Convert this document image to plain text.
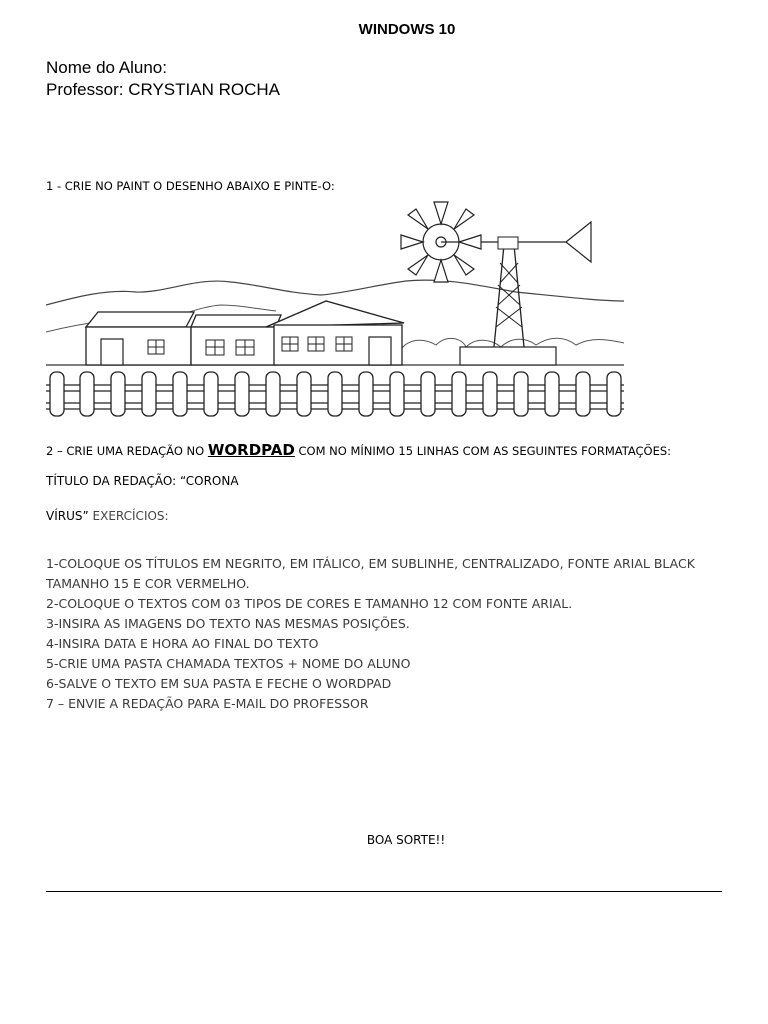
WINDOWS 10
Nome do Aluno:
Professor: CRYSTIAN ROCHA
1 - CRIE NO PAINT O DESENHO ABAIXO E PINTE-O:
2 – CRIE UMA REDAÇÃO NO WORDPAD COM NO MÍNIMO 15 LINHAS COM AS SEGUINTES FORMATAÇÕES:
TÍTULO DA REDAÇÃO: “CORONA
VÍRUS” EXERCÍCIOS:
1-COLOQUE OS TÍTULOS EM NEGRITO, EM ITÁLICO, EM SUBLINHE, CENTRALIZADO, FONTE ARIAL BLACK TAMANHO 15 E COR VERMELHO.
2-COLOQUE O TEXTOS COM 03 TIPOS DE CORES E TAMANHO 12 COM FONTE ARIAL.
3-INSIRA AS IMAGENS DO TEXTO NAS MESMAS POSIÇÕES.
4-INSIRA DATA E HORA AO FINAL DO TEXTO
5-CRIE UMA PASTA CHAMADA TEXTOS + NOME DO ALUNO
6-SALVE O TEXTO EM SUA PASTA E FECHE O WORDPAD
7 – ENVIE A REDAÇÃO PARA E-MAIL DO PROFESSOR
BOA SORTE!!
